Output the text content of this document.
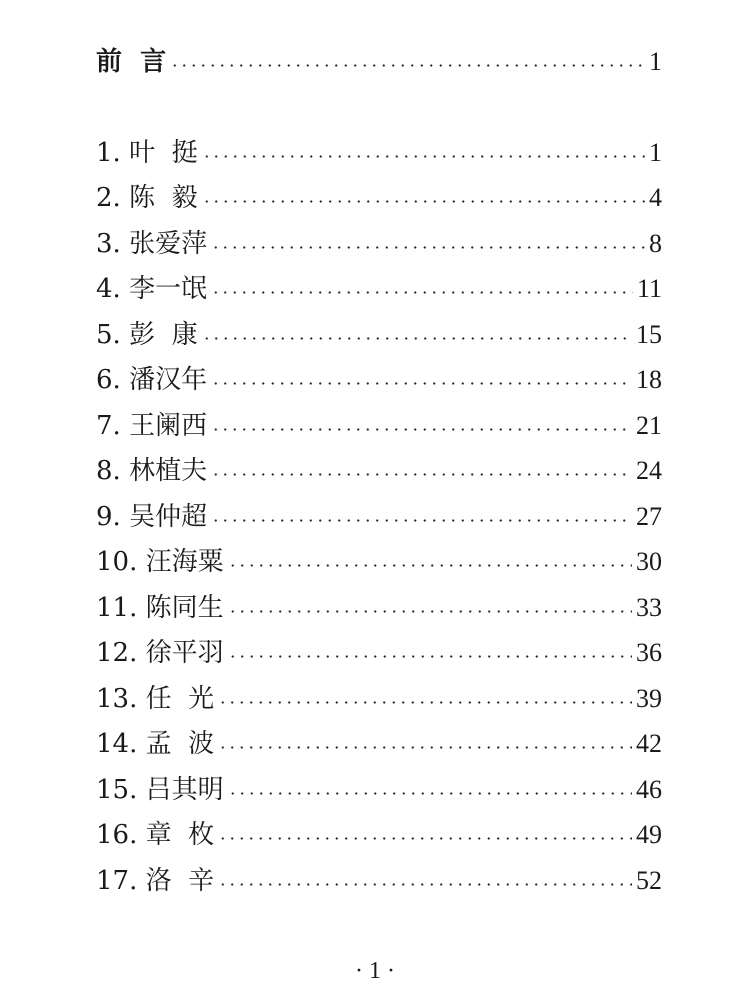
前  言	1
1. 叶  挺	1
2. 陈  毅	4
3. 张爱萍	8
4. 李一氓	11
5. 彭  康	15
6. 潘汉年	18
7. 王阑西	21
8. 林植夫	24
9. 吴仲超	27
10. 汪海粟	30
11. 陈同生	33
12. 徐平羽	36
13. 任  光	39
14. 孟  波	42
15. 吕其明	46
16. 章  枚	49
17. 洛  辛	52
· 1 ·
